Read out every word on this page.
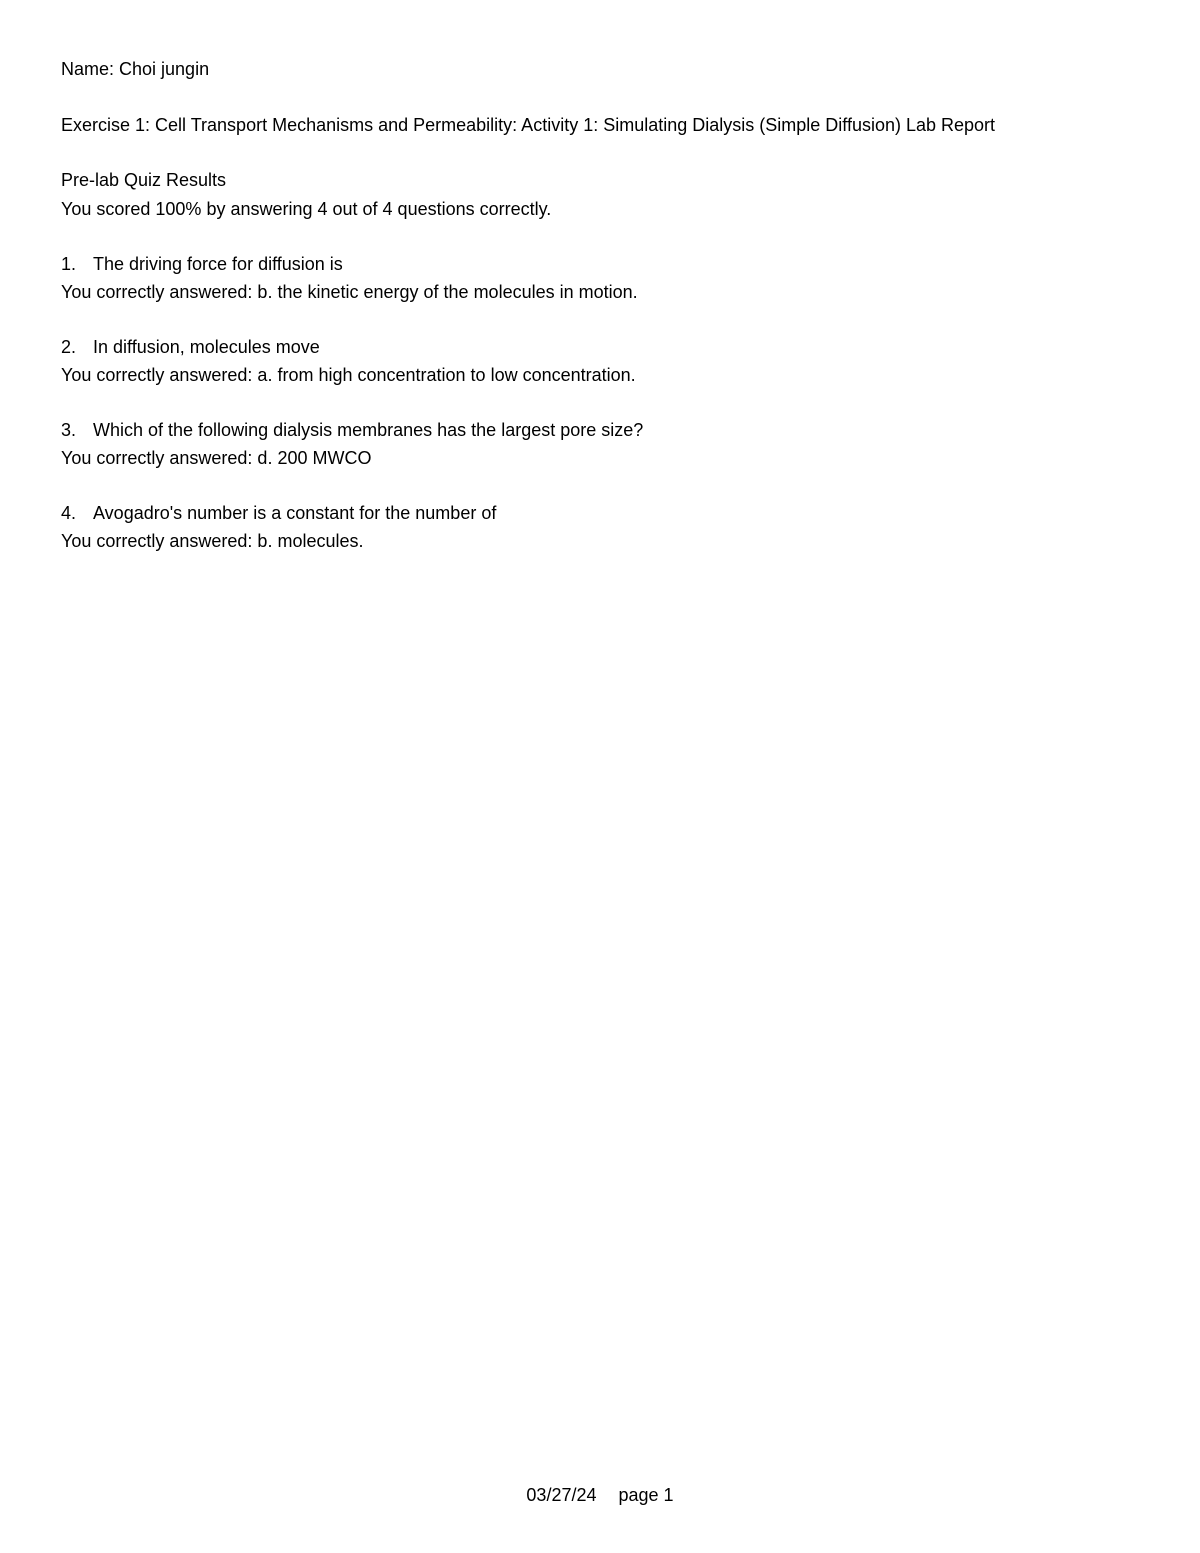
Name: Choi jungin
Exercise 1: Cell Transport Mechanisms and Permeability: Activity 1: Simulating Dialysis (Simple Diffusion) Lab Report
Pre-lab Quiz Results
You scored 100% by answering 4 out of 4 questions correctly.
1. The driving force for diffusion is
You correctly answered: b. the kinetic energy of the molecules in motion.
2. In diffusion, molecules move
You correctly answered: a. from high concentration to low concentration.
3. Which of the following dialysis membranes has the largest pore size?
You correctly answered: d. 200 MWCO
4. Avogadro's number is a constant for the number of
You correctly answered: b. molecules.
03/27/24 page 1
